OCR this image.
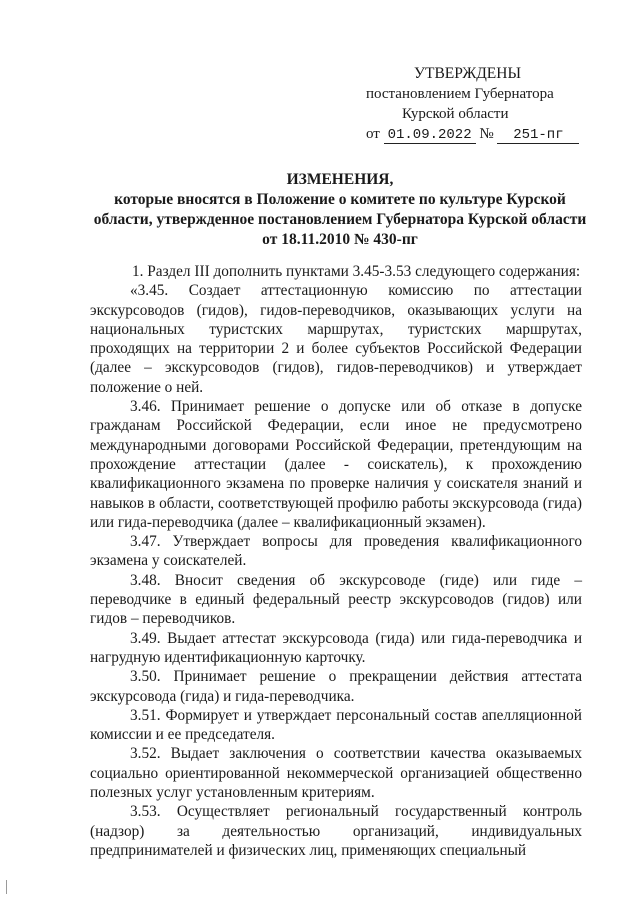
УТВЕРЖДЕНЫ
постановлением Губернатора
Курской области
от 01.09.2022 № 251-пг
ИЗМЕНЕНИЯ,
которые вносятся в Положение о комитете по культуре Курской области, утвержденное постановлением Губернатора Курской области от 18.11.2010 № 430-пг

1. Раздел III дополнить пунктами 3.45-3.53 следующего содержания:

«3.45. Создает аттестационную комиссию по аттестации экскурсоводов (гидов), гидов-переводчиков, оказывающих услуги на национальных туристских маршрутах, туристских маршрутах, проходящих на территории 2 и более субъектов Российской Федерации (далее – экскурсоводов (гидов), гидов-переводчиков) и утверждает положение о ней.

3.46. Принимает решение о допуске или об отказе в допуске гражданам Российской Федерации, если иное не предусмотрено международными договорами Российской Федерации, претендующим на прохождение аттестации (далее - соискатель), к прохождению квалификационного экзамена по проверке наличия у соискателя знаний и навыков в области, соответствующей профилю работы экскурсовода (гида) или гида-переводчика (далее – квалификационный экзамен).

3.47. Утверждает вопросы для проведения квалификационного экзамена у соискателей.

3.48. Вносит сведения об экскурсоводе (гиде) или гиде – переводчике в единый федеральный реестр экскурсоводов (гидов) или гидов – переводчиков.

3.49. Выдает аттестат экскурсовода (гида) или гида-переводчика и нагрудную идентификационную карточку.

3.50. Принимает решение о прекращении действия аттестата экскурсовода (гида) и гида-переводчика.

3.51. Формирует и утверждает персональный состав апелляционной комиссии и ее председателя.

3.52. Выдает заключения о соответствии качества оказываемых социально ориентированной некоммерческой организацией общественно полезных услуг установленным критериям.

3.53. Осуществляет региональный государственный контроль (надзор) за деятельностью организаций, индивидуальных предпринимателей и физических лиц, применяющих специальный
